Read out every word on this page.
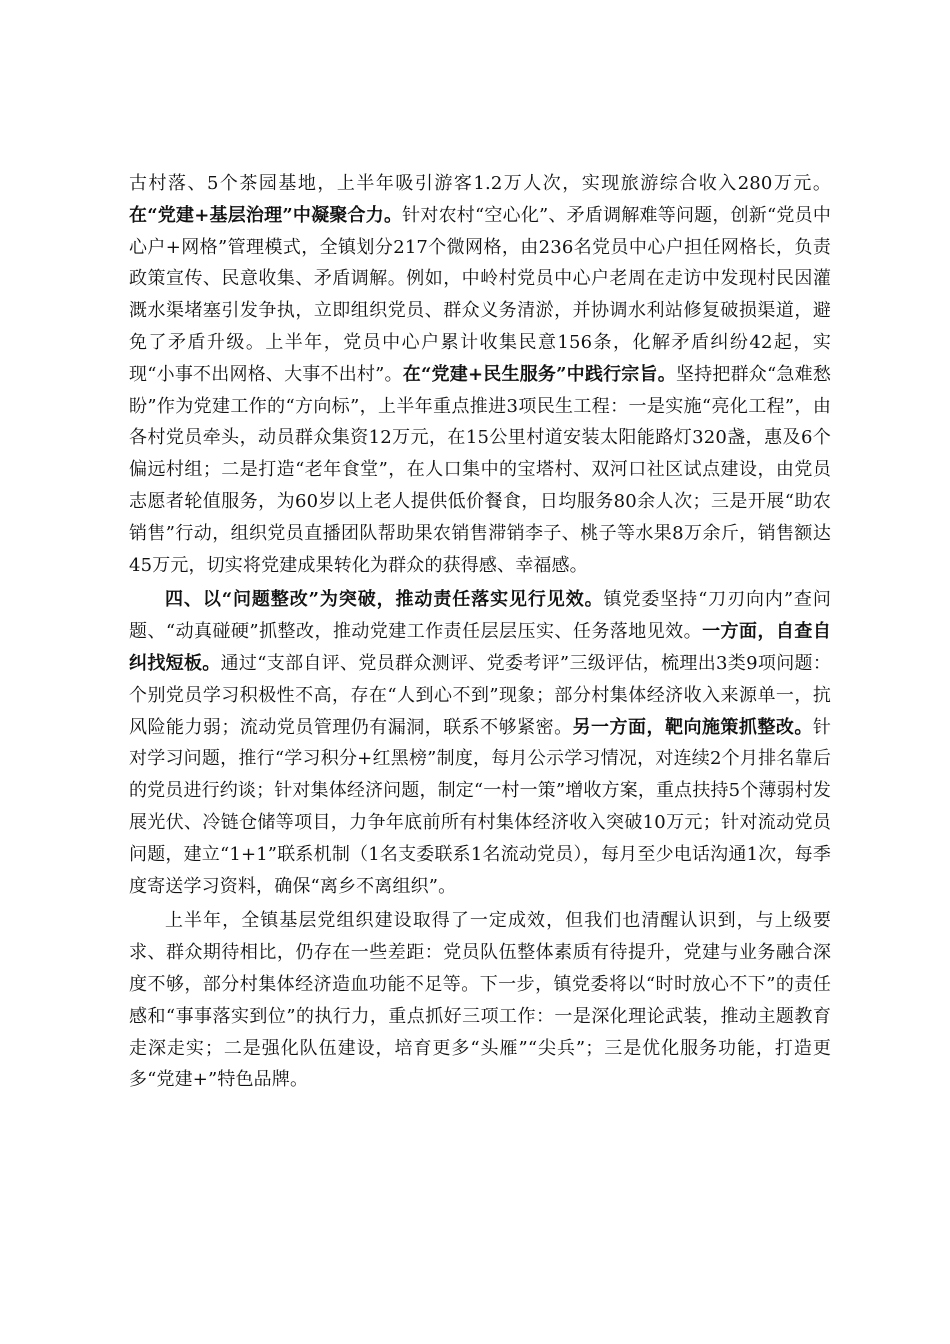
古村落、5个茶园基地，上半年吸引游客1.2万人次，实现旅游综合收入280万元。在“党建+基层治理”中凝聚合力。针对农村“空心化”、矛盾调解难等问题，创新“党员中心户+网格”管理模式，全镇划分217个微网格，由236名党员中心户担任网格长，负责政策宣传、民意收集、矛盾调解。例如，中岭村党员中心户老周在走访中发现村民因灌溉水渠堵塞引发争执，立即组织党员、群众义务清淤，并协调水利站修复破损渠道，避免了矛盾升级。上半年，党员中心户累计收集民意156条，化解矛盾纠纷42起，实现“小事不出网格、大事不出村”。在“党建+民生服务”中践行宗旨。坚持把群众“急难愁盼”作为党建工作的“方向标”，上半年重点推进3项民生工程：一是实施“亮化工程”，由各村党员牵头，动员群众集资12万元，在15公里村道安装太阳能路灯320盏，惠及6个偏远村组；二是打造“老年食堂”，在人口集中的宝塔村、双河口社区试点建设，由党员志愿者轮值服务，为60岁以上老人提供低价餐食，日均服务80余人次；三是开展“助农销售”行动，组织党员直播团队帮助果农销售滞销李子、桃子等水果8万余斤，销售额达45万元，切实将党建成果转化为群众的获得感、幸福感。

四、以“问题整改”为突破，推动责任落实见行见效。镇党委坚持“刀刃向内”查问题、“动真碰硬”抓整改，推动党建工作责任层层压实、任务落地见效。一方面，自查自纠找短板。通过“支部自评、党员群众测评、党委考评”三级评估，梳理出3类9项问题：个别党员学习积极性不高，存在“人到心不到”现象；部分村集体经济收入来源单一，抗风险能力弱；流动党员管理仍有漏洞，联系不够紧密。另一方面，靶向施策抓整改。针对学习问题，推行“学习积分+红黑榜”制度，每月公示学习情况，对连续2个月排名靠后的党员进行约谈；针对集体经济问题，制定“一村一策”增收方案，重点扶持5个薄弱村发展光伏、冷链仓储等项目，力争年底前所有村集体经济收入突破10万元；针对流动党员问题，建立“1+1”联系机制（1名支委联系1名流动党员），每月至少电话沟通1次，每季度寄送学习资料，确保“离乡不离组织”。

上半年，全镇基层党组织建设取得了一定成效，但我们也清醒认识到，与上级要求、群众期待相比，仍存在一些差距：党员队伍整体素质有待提升，党建与业务融合深度不够，部分村集体经济造血功能不足等。下一步，镇党委将以“时时放心不下”的责任感和“事事落实到位”的执行力，重点抓好三项工作：一是深化理论武装，推动主题教育走深走实；二是强化队伍建设，培育更多“头雁”“尖兵”；三是优化服务功能，打造更多“党建+”特色品牌。
